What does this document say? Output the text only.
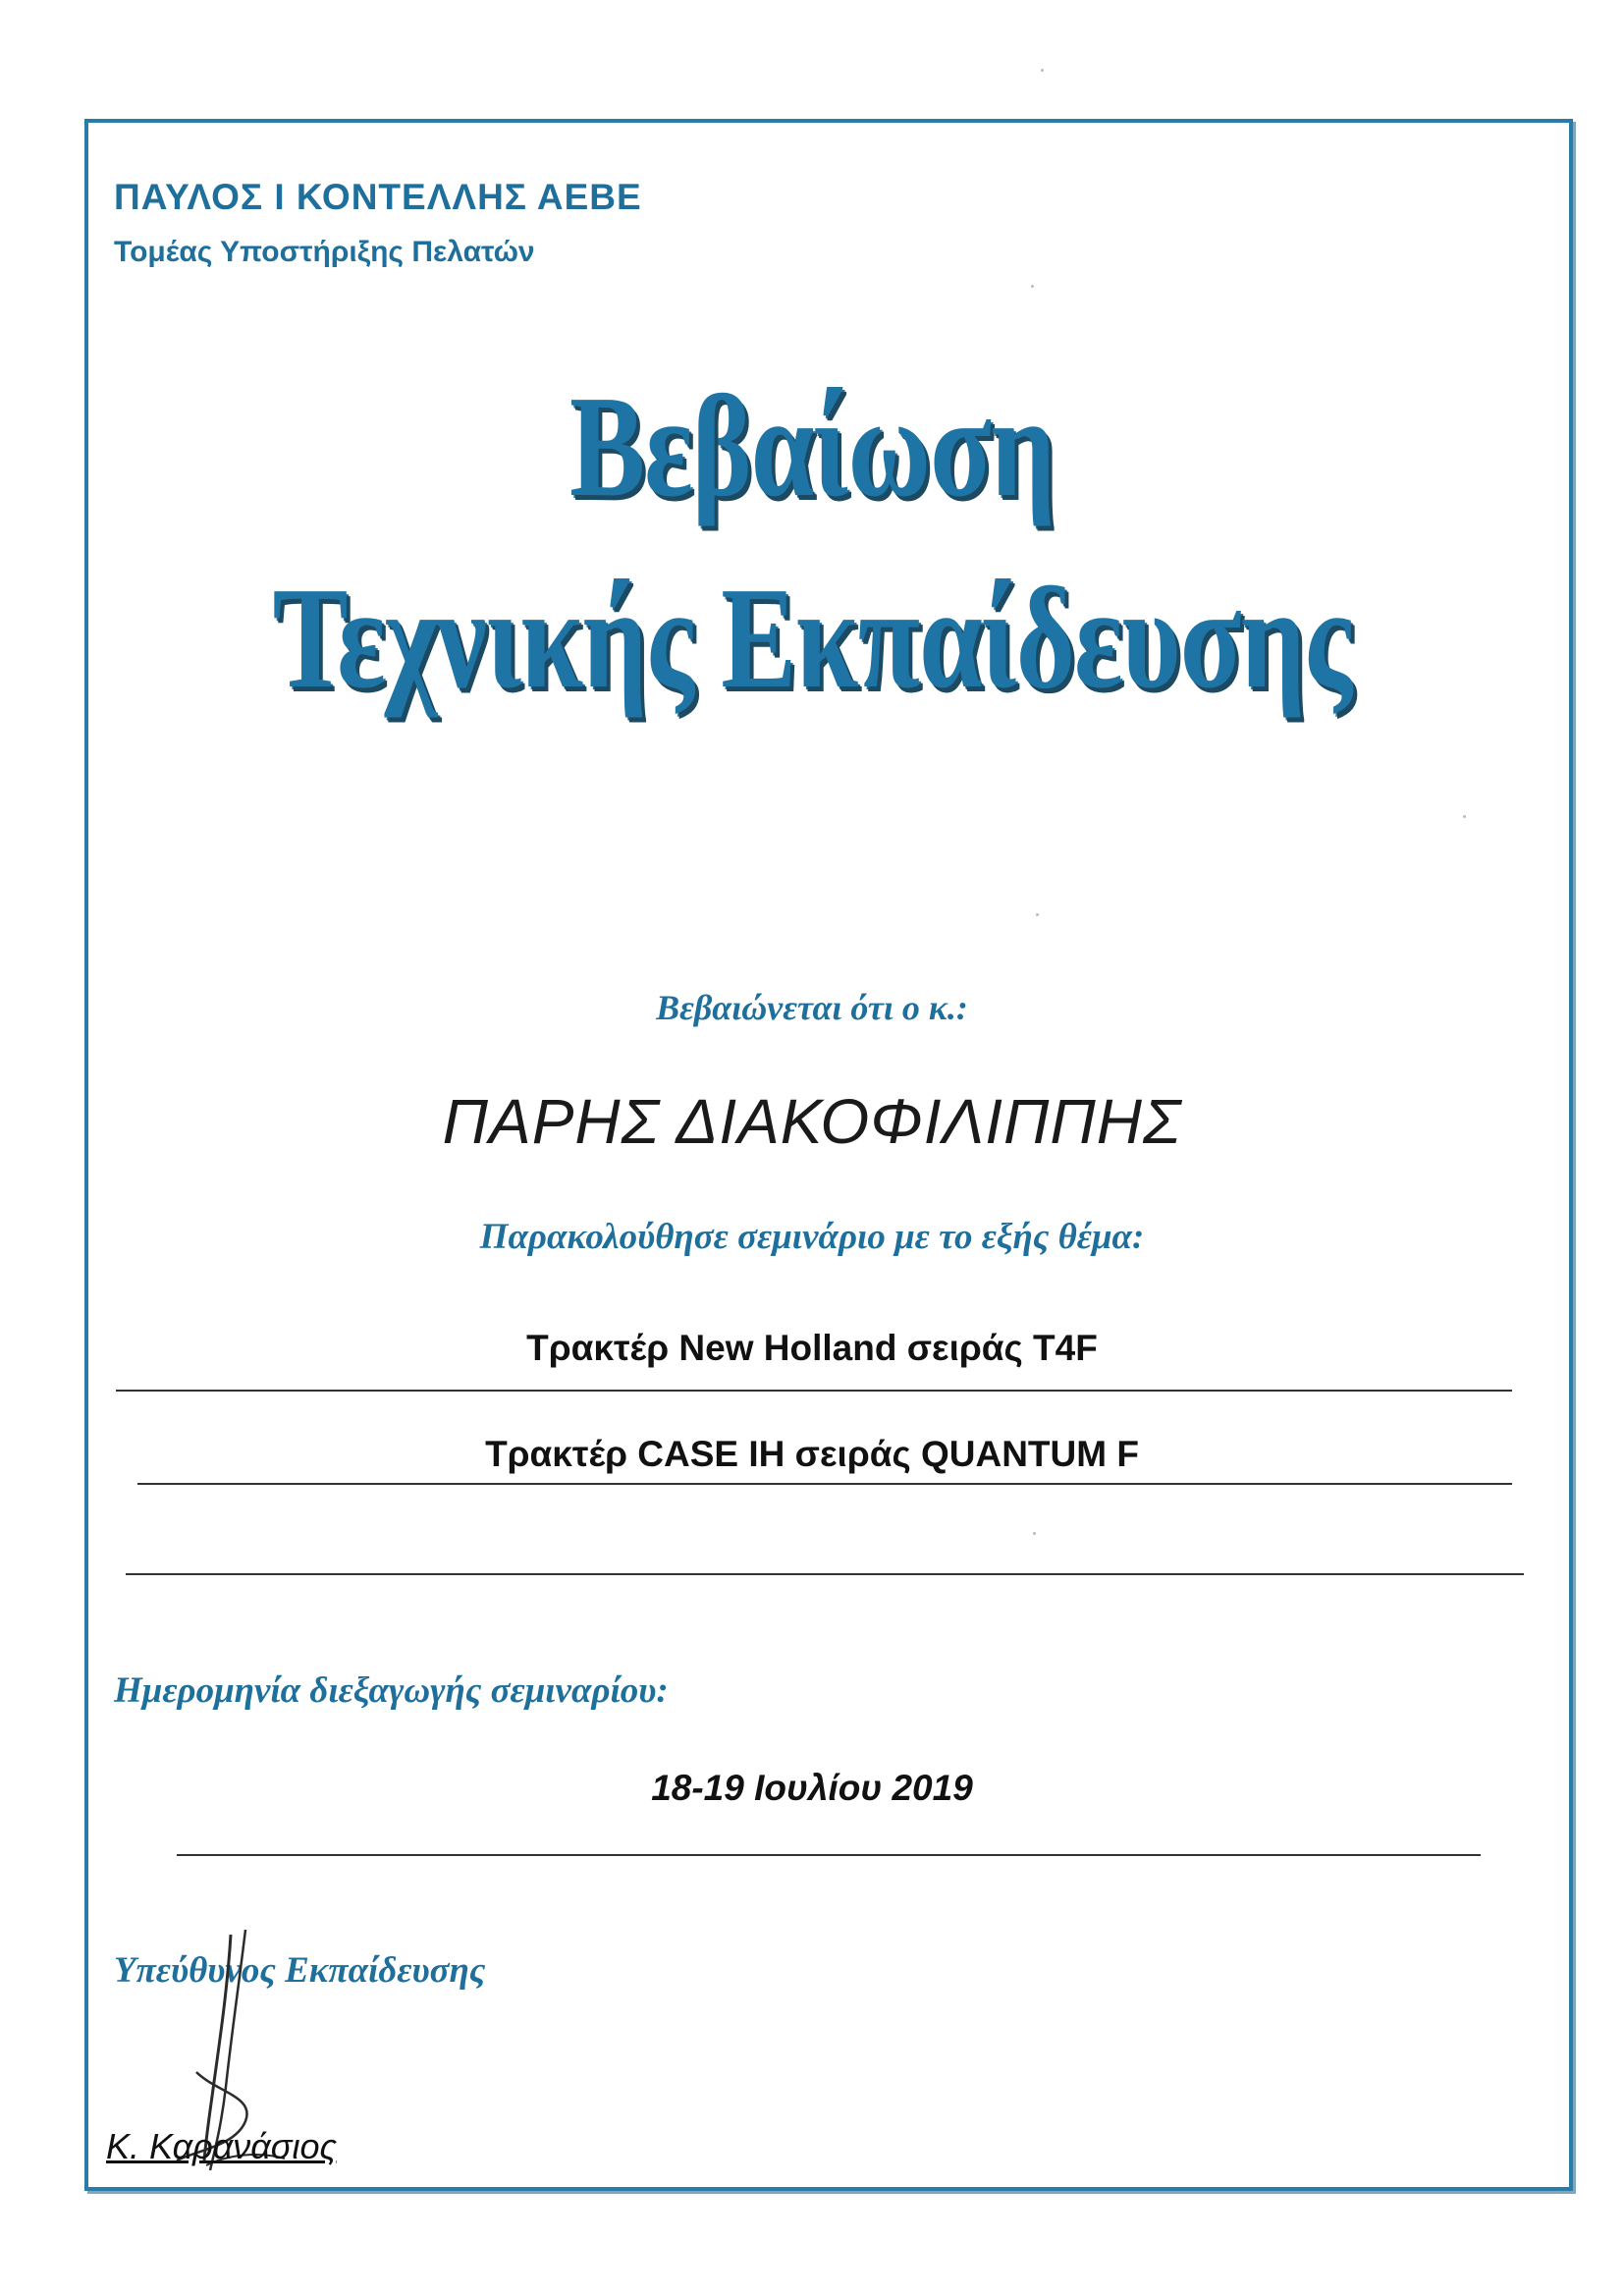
ΠΑΥΛΟΣ Ι ΚΟΝΤΕΛΛΗΣ ΑΕΒΕ
Τομέας Υποστήριξης Πελατών
Βεβαίωση
Τεχνικής Εκπαίδευσης
Βεβαιώνεται ότι ο κ.:
ΠΑΡΗΣ ΔΙΑΚΟΦΙΛΙΠΠΗΣ
Παρακολούθησε σεμινάριο με το εξής θέμα:
Τρακτέρ New Holland σειράς T4F
Τρακτέρ CASE IH σειράς QUANTUM F
Ημερομηνία διεξαγωγής σεμιναρίου:
18-19 Ιουλίου 2019
Υπεύθυνος Εκπαίδευσης
Κ. Καρανάσιος
